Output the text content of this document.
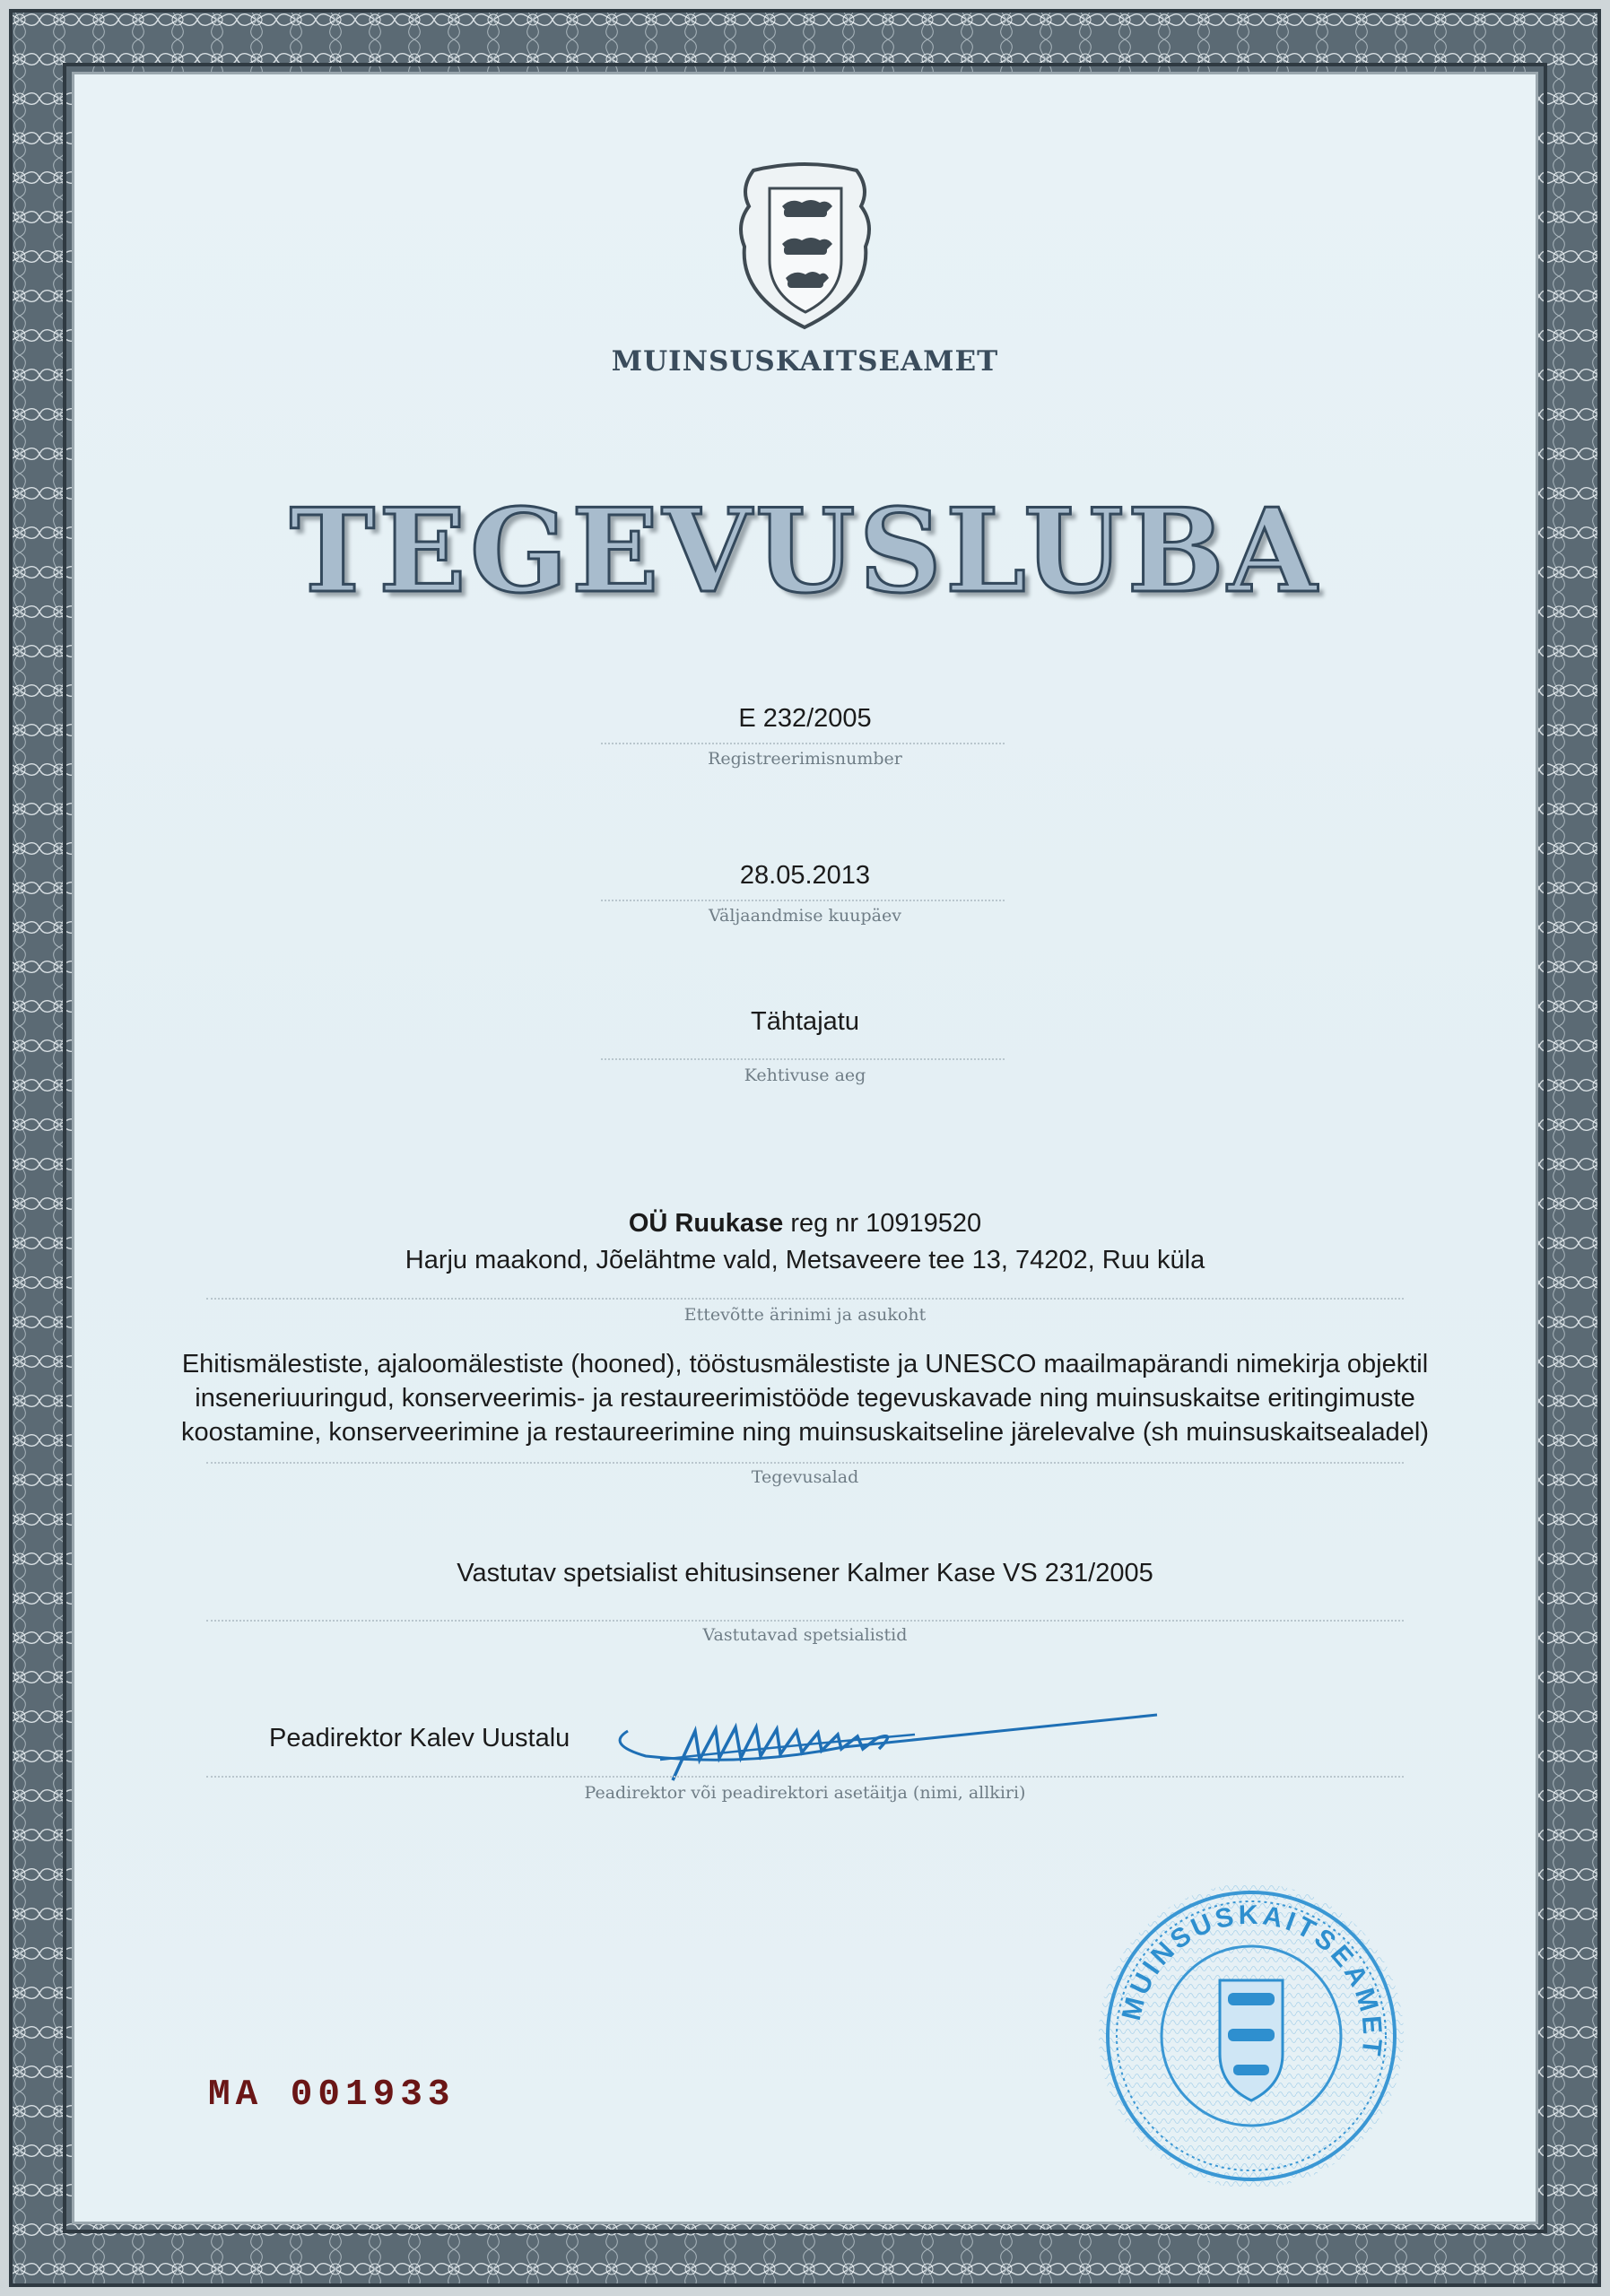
MUINSUSKAITSEAMET
TEGEVUSLUBA
E 232/2005
Registreerimisnumber
28.05.2013
Väljaandmise kuupäev
Tähtajatu
Kehtivuse aeg
OÜ Ruukase reg nr 10919520
Harju maakond, Jõelähtme vald, Metsaveere tee 13, 74202, Ruu küla
Ettevõtte ärinimi ja asukoht
Ehitismälestiste, ajaloomälestiste (hooned), tööstusmälestiste ja UNESCO maailmapärandi nimekirja objektil
inseneriuuringud, konserveerimis- ja restaureerimistööde tegevuskavade ning muinsuskaitse eritingimuste
koostamine, konserveerimine ja restaureerimine ning muinsuskaitseline järelevalve (sh muinsuskaitsealadel)
Tegevusalad
Vastutav spetsialist ehitusinsener Kalmer Kase VS 231/2005
Vastutavad spetsialistid
Peadirektor Kalev Uustalu
Peadirektor või peadirektori asetäitja (nimi, allkiri)
MUINSUSKAITSEAMET
MA 001933
